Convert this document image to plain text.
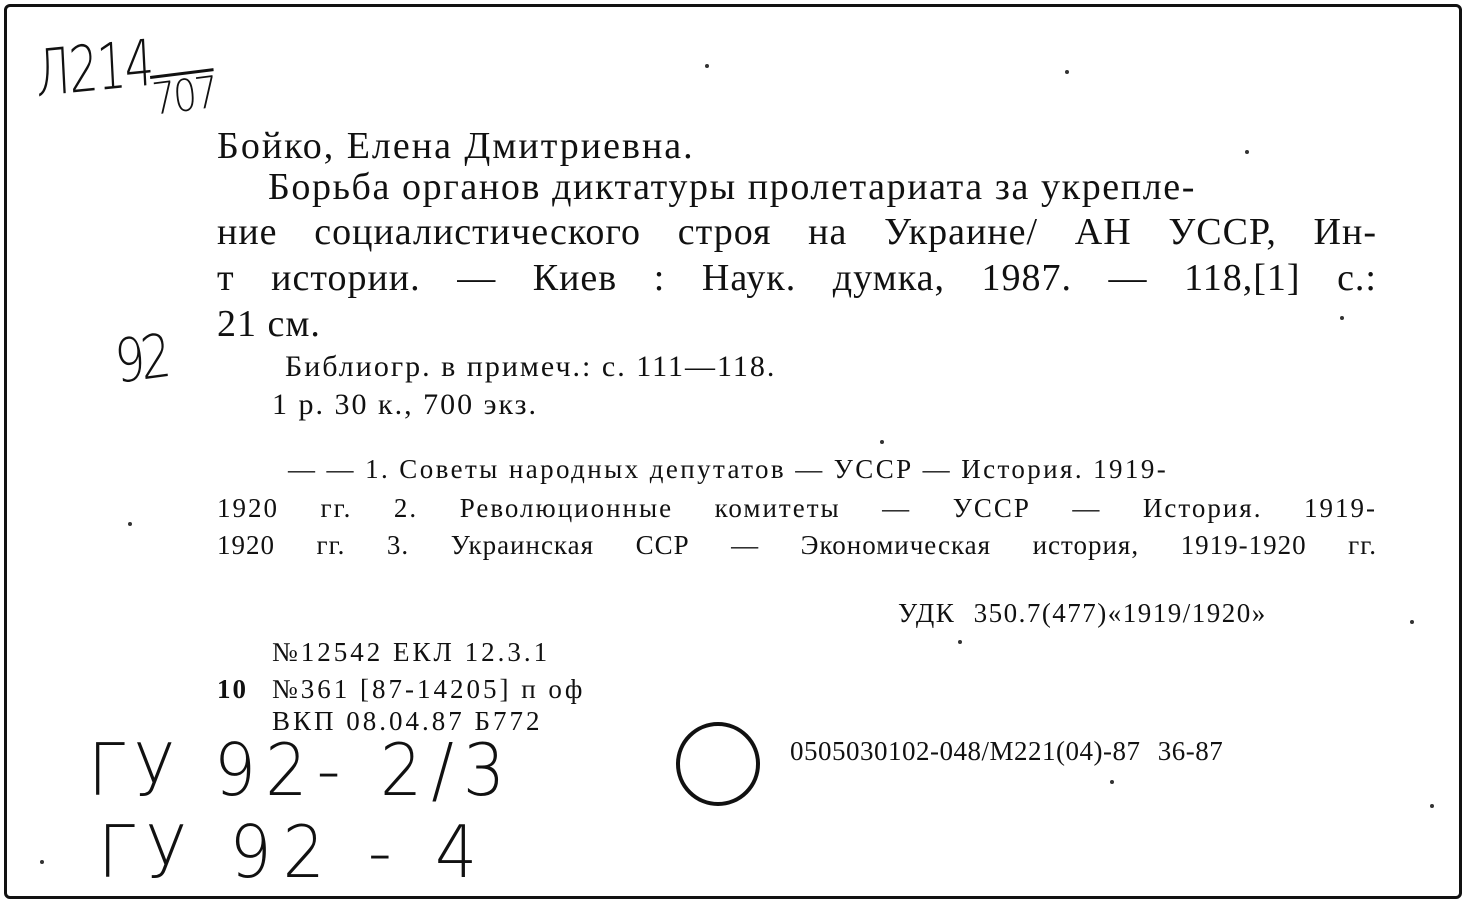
Л214
707
92
ГУ 92- 2/3
ГУ 92 - 4
Бойко, Елена Дмитриевна.
Борьба органов диктатуры пролетариата за укрепле-
ние социалистического строя на Украине/ АН УССР, Ин-
т истории. — Киев : Наук. думка, 1987. — 118,[1] с.:
21 см.
Библиогр. в примеч.: с. 111—118.
1 р. 30 к., 700 экз.
— — 1. Советы народных депутатов — УССР — История. 1919-
1920 гг. 2. Революционные комитеты — УССР — История. 1919-
1920 гг. 3. Украинская ССР — Экономическая история, 1919-1920 гг.
УДК 350.7(477)«1919/1920»
№12542 ЕКЛ 12.3.1
10 №361 [87-14205] п оф
ВКП 08.04.87 Б772
0505030102-048/М221(04)-87 36-87
